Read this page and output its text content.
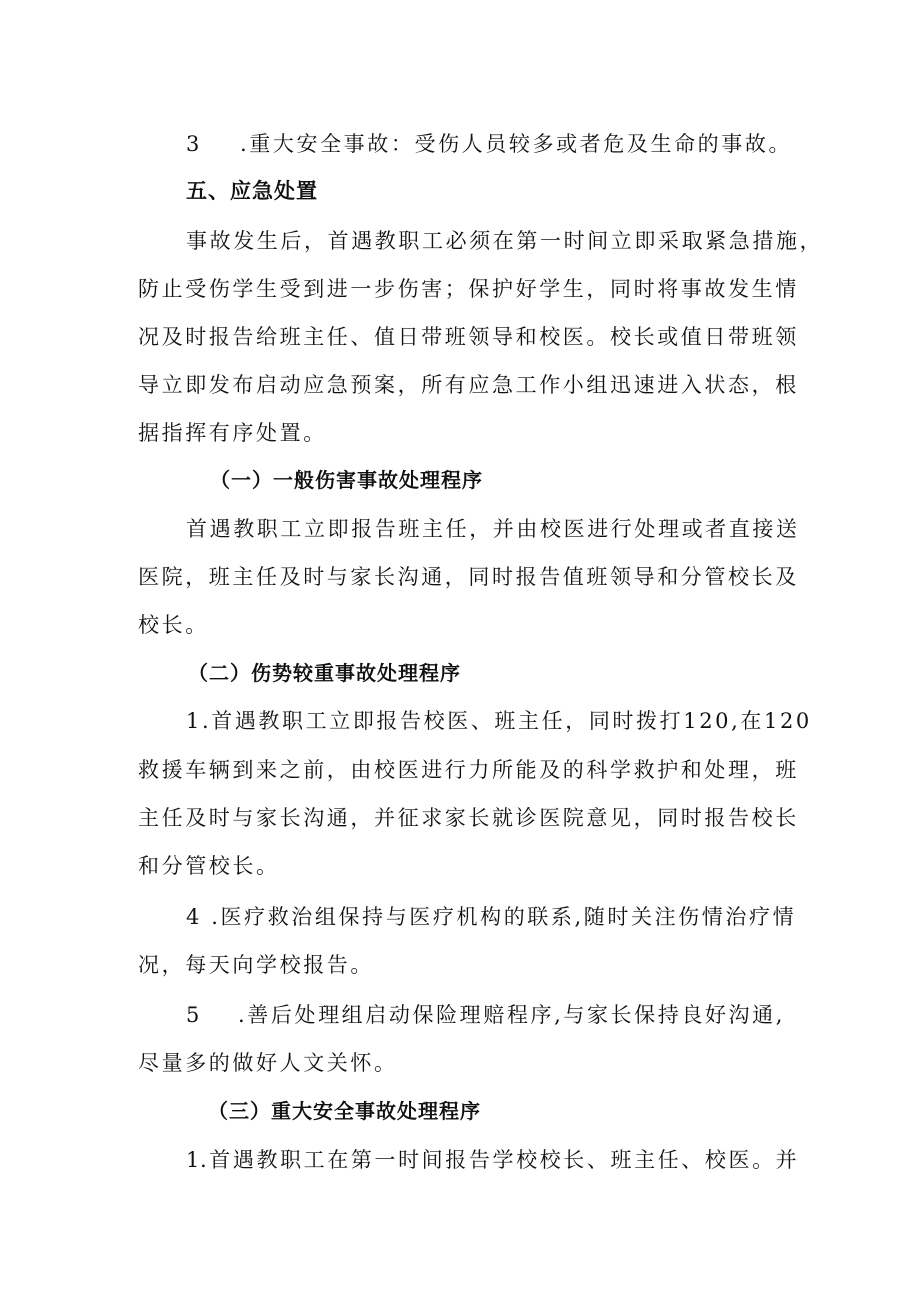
3 .重大安全事故：受伤人员较多或者危及生命的事故。
五、应急处置
事故发生后，首遇教职工必须在第一时间立即采取紧急措施，
防止受伤学生受到进一步伤害；保护好学生，同时将事故发生情
况及时报告给班主任、值日带班领导和校医。校长或值日带班领
导立即发布启动应急预案，所有应急工作小组迅速进入状态，根
据指挥有序处置。
（一）一般伤害事故处理程序
首遇教职工立即报告班主任，并由校医进行处理或者直接送
医院，班主任及时与家长沟通，同时报告值班领导和分管校长及
校长。
（二）伤势较重事故处理程序
1.首遇教职工立即报告校医、班主任，同时拨打120,在120
救援车辆到来之前，由校医进行力所能及的科学救护和处理，班
主任及时与家长沟通，并征求家长就诊医院意见，同时报告校长
和分管校长。
4 .医疗救治组保持与医疗机构的联系,随时关注伤情治疗情
况，每天向学校报告。
5 .善后处理组启动保险理赔程序,与家长保持良好沟通,
尽量多的做好人文关怀。
（三）重大安全事故处理程序
1.首遇教职工在第一时间报告学校校长、班主任、校医。并
